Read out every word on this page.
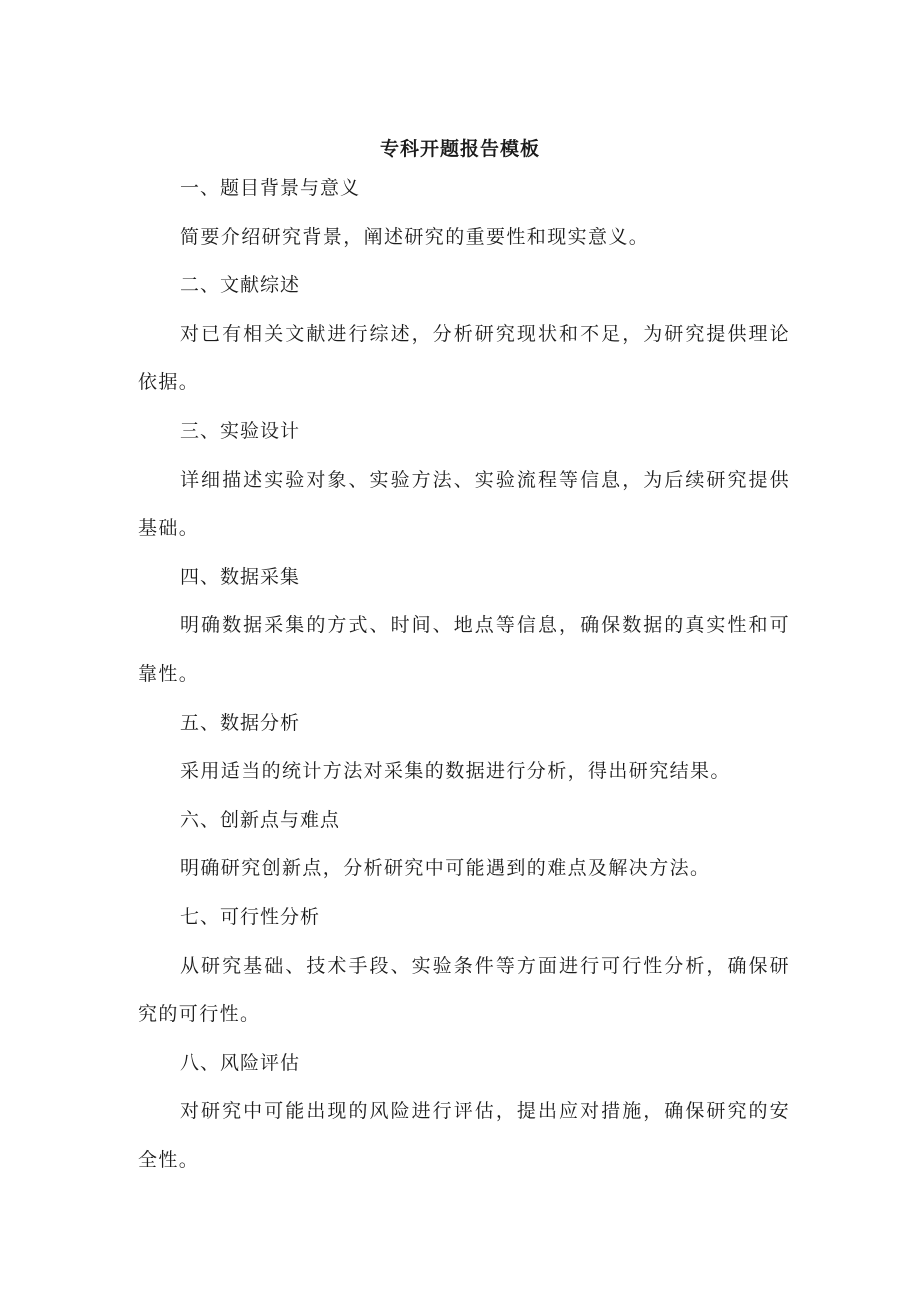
专科开题报告模板
一、题目背景与意义

简要介绍研究背景，阐述研究的重要性和现实意义。

二、文献综述

对已有相关文献进行综述，分析研究现状和不足，为研究提供理论依据。

三、实验设计

详细描述实验对象、实验方法、实验流程等信息，为后续研究提供基础。

四、数据采集

明确数据采集的方式、时间、地点等信息，确保数据的真实性和可靠性。

五、数据分析

采用适当的统计方法对采集的数据进行分析，得出研究结果。

六、创新点与难点

明确研究创新点，分析研究中可能遇到的难点及解决方法。

七、可行性分析

从研究基础、技术手段、实验条件等方面进行可行性分析，确保研究的可行性。

八、风险评估

对研究中可能出现的风险进行评估，提出应对措施，确保研究的安全性。
